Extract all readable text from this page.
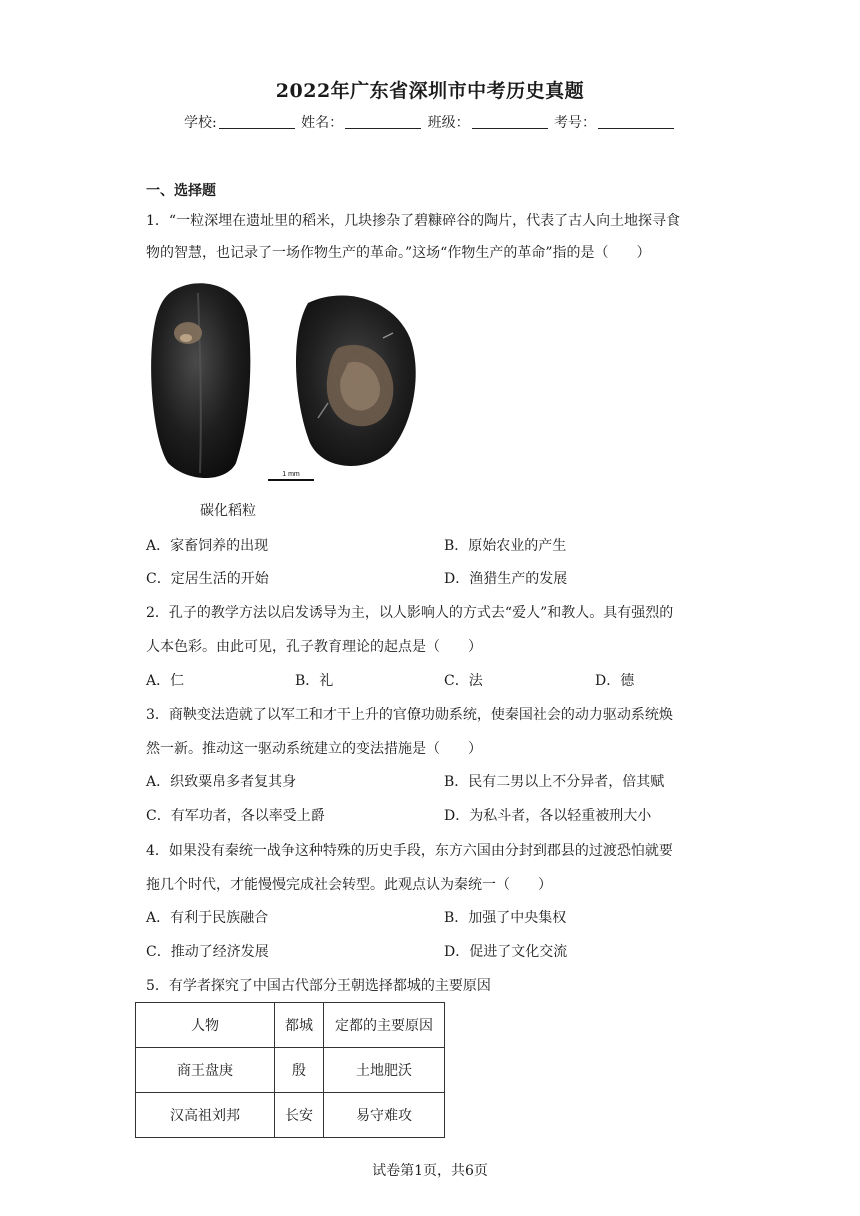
2022年广东省深圳市中考历史真题
学校:	姓名：	班级：	考号：
一、选择题
1．“一粒深埋在遗址里的稻米，几块掺杂了碧糠碎谷的陶片，代表了古人向土地探寻食
物的智慧，也记录了一场作物生产的革命。”这场“作物生产的革命”指的是（　　）
1 mm
碳化稻粒
A．家畜饲养的出现	B．原始农业的产生
C．定居生活的开始	D．渔猎生产的发展
2．孔子的教学方法以启发诱导为主，以人影响人的方式去“爱人”和教人。具有强烈的
人本色彩。由此可见，孔子教育理论的起点是（　　）
A．仁	B．礼	C．法	D．德
3．商鞅变法造就了以军工和才干上升的官僚功勋系统，使秦国社会的动力驱动系统焕
然一新。推动这一驱动系统建立的变法措施是（　　）
A．织致粟帛多者复其身	B．民有二男以上不分异者，倍其赋
C．有军功者，各以率受上爵	D．为私斗者，各以轻重被刑大小
4．如果没有秦统一战争这种特殊的历史手段，东方六国由分封到郡县的过渡恐怕就要
拖几个时代，才能慢慢完成社会转型。此观点认为秦统一（　　）
A．有利于民族融合	B．加强了中央集权
C．推动了经济发展	D．促进了文化交流
5．有学者探究了中国古代部分王朝选择都城的主要原因
人物	都城	定都的主要原因
商王盘庚	殷	土地肥沃
汉高祖刘邦	长安	易守难攻
试卷第1页，共6页
